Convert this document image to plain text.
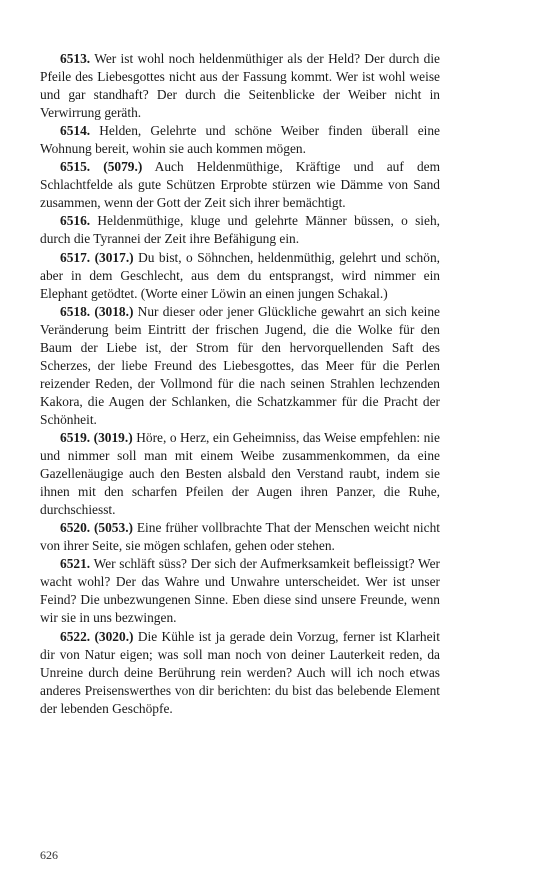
6513. Wer ist wohl noch heldenmüthiger als der Held? Der durch die Pfeile des Liebesgottes nicht aus der Fassung kommt. Wer ist wohl weise und gar standhaft? Der durch die Seitenblicke der Weiber nicht in Verwirrung geräth.

6514. Helden, Gelehrte und schöne Weiber finden überall eine Wohnung bereit, wohin sie auch kommen mögen.

6515. (5079.) Auch Heldenmüthige, Kräftige und auf dem Schlachtfelde als gute Schützen Erprobte stürzen wie Dämme von Sand zusammen, wenn der Gott der Zeit sich ihrer bemächtigt.

6516. Heldenmüthige, kluge und gelehrte Männer büssen, o sieh, durch die Tyrannei der Zeit ihre Befähigung ein.

6517. (3017.) Du bist, o Söhnchen, heldenmüthig, gelehrt und schön, aber in dem Geschlecht, aus dem du entsprangst, wird nimmer ein Elephant getödtet. (Worte einer Löwin an einen jungen Schakal.)

6518. (3018.) Nur dieser oder jener Glückliche gewahrt an sich keine Veränderung beim Eintritt der frischen Jugend, die die Wolke für den Baum der Liebe ist, der Strom für den hervorquellenden Saft des Scherzes, der liebe Freund des Liebesgottes, das Meer für die Perlen reizender Reden, der Vollmond für die nach seinen Strahlen lechzenden Kakora, die Augen der Schlanken, die Schatzkammer für die Pracht der Schönheit.

6519. (3019.) Höre, o Herz, ein Geheimniss, das Weise empfehlen: nie und nimmer soll man mit einem Weibe zusammenkommen, da eine Gazellenäugige auch den Besten alsbald den Verstand raubt, indem sie ihnen mit den scharfen Pfeilen der Augen ihren Panzer, die Ruhe, durchschiesst.

6520. (5053.) Eine früher vollbrachte That der Menschen weicht nicht von ihrer Seite, sie mögen schlafen, gehen oder stehen.

6521. Wer schläft süss? Der sich der Aufmerksamkeit befleissigt? Wer wacht wohl? Der das Wahre und Unwahre unterscheidet. Wer ist unser Feind? Die unbezwungenen Sinne. Eben diese sind unsere Freunde, wenn wir sie in uns bezwingen.

6522. (3020.) Die Kühle ist ja gerade dein Vorzug, ferner ist Klarheit dir von Natur eigen; was soll man noch von deiner Lauterkeit reden, da Unreine durch deine Berührung rein werden? Auch will ich noch etwas anderes Preisenswerthes von dir berichten: du bist das belebende Element der lebenden Geschöpfe.

626
